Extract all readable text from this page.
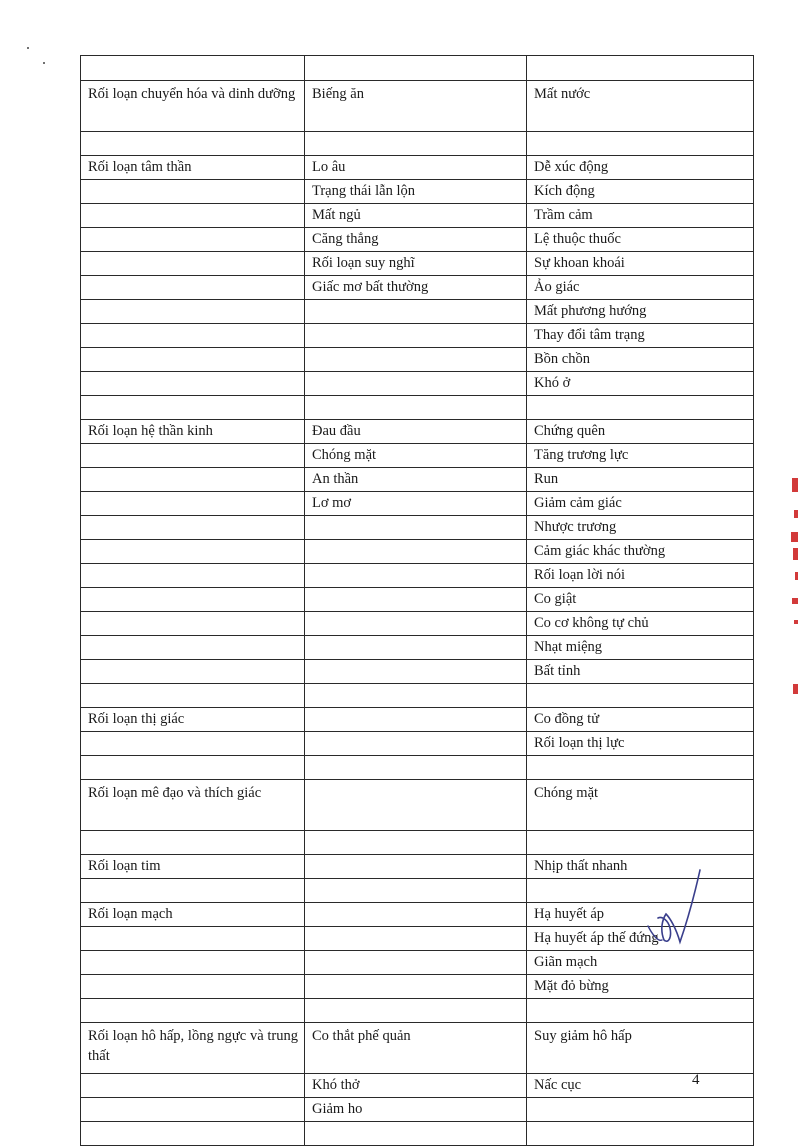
Rối loạn chuyển hóa và dinh dưỡng	Biếng ăn	Mất nước

Rối loạn tâm thần	Lo âu	Dễ xúc động
	Trạng thái lẫn lộn	Kích động
	Mất ngủ	Trầm cảm
	Căng thẳng	Lệ thuộc thuốc
	Rối loạn suy nghĩ	Sự khoan khoái
	Giấc mơ bất thường	Ảo giác
		Mất phương hướng
		Thay đổi tâm trạng
		Bồn chồn
		Khó ở

Rối loạn hệ thần kinh	Đau đầu	Chứng quên
	Chóng mặt	Tăng trương lực
	An thần	Run
	Lơ mơ	Giảm cảm giác
		Nhược trương
		Cảm giác khác thường
		Rối loạn lời nói
		Co giật
		Co cơ không tự chủ
		Nhạt miệng
		Bất tỉnh

Rối loạn thị giác		Co đồng tử
		Rối loạn thị lực

Rối loạn mê đạo và thích giác		Chóng mặt

Rối loạn tim		Nhịp thất nhanh

Rối loạn mạch		Hạ huyết áp
		Hạ huyết áp thế đứng
		Giãn mạch
		Mặt đỏ bừng

Rối loạn hô hấp, lồng ngực và trung thất	Co thắt phế quản	Suy giảm hô hấp
	Khó thở	Nấc cục
	Giảm ho	

4
